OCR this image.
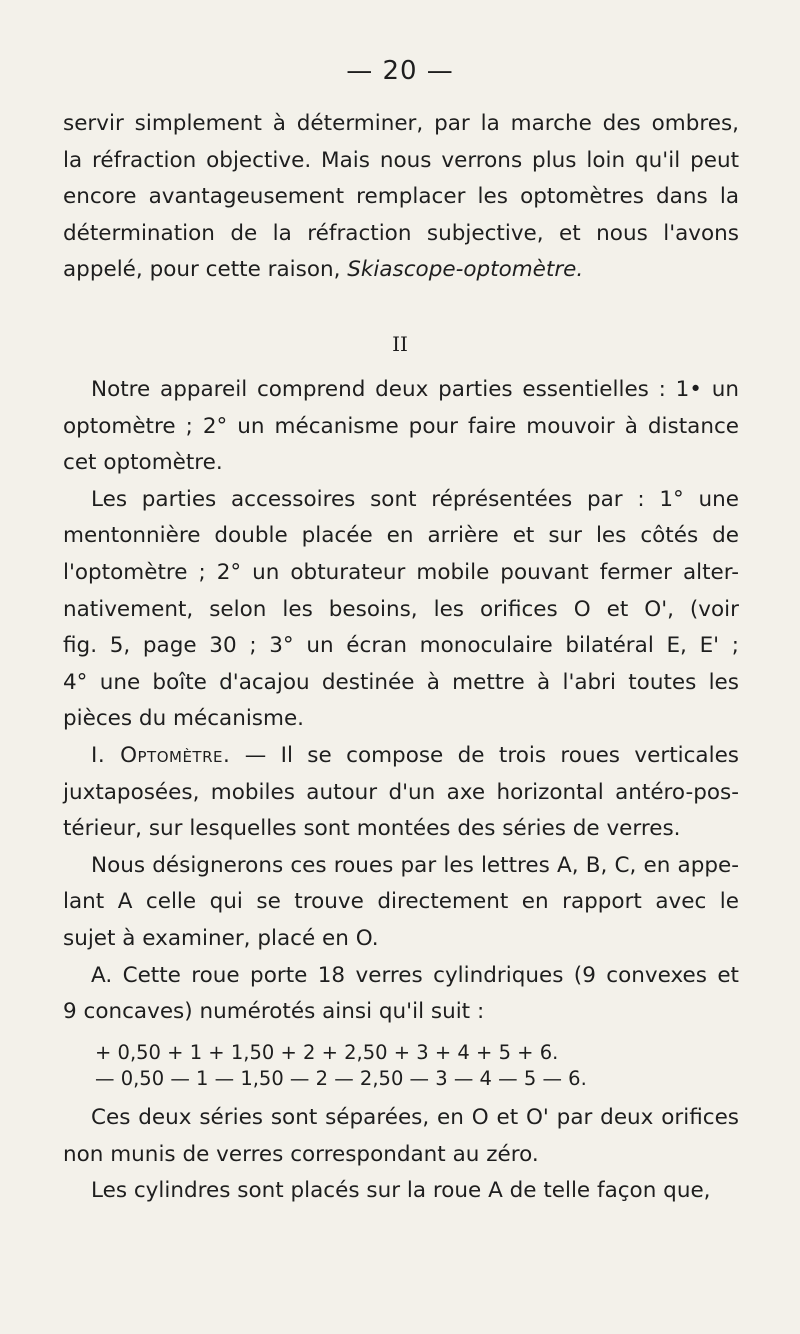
— 20 —
servir simplement à déterminer, par la marche des ombres,
la réfraction objective. Mais nous verrons plus loin qu'il peut
encore avantageusement remplacer les optomètres dans la
détermination de la réfraction subjective, et nous l'avons
appelé, pour cette raison, Skiascope-optomètre.
II
Notre appareil comprend deux parties essentielles : 1• un
optomètre ; 2° un mécanisme pour faire mouvoir à distance
cet optomètre.
Les parties accessoires sont réprésentées par : 1° une
mentonnière double placée en arrière et sur les côtés de
l'optomètre ; 2° un obturateur mobile pouvant fermer alter-
nativement, selon les besoins, les orifices O et O', (voir
fig. 5, page 30 ; 3° un écran monoculaire bilatéral E, E' ;
4° une boîte d'acajou destinée à mettre à l'abri toutes les
pièces du mécanisme.
I. Optomètre. — Il se compose de trois roues verticales
juxtaposées, mobiles autour d'un axe horizontal antéro-pos-
térieur, sur lesquelles sont montées des séries de verres.
Nous désignerons ces roues par les lettres A, B, C, en appe-
lant A celle qui se trouve directement en rapport avec le
sujet à examiner, placé en O.
A. Cette roue porte 18 verres cylindriques (9 convexes et
9 concaves) numérotés ainsi qu'il suit :
+ 0,50 + 1 + 1,50 + 2 + 2,50 + 3 + 4 + 5 + 6.
— 0,50 — 1 — 1,50 — 2 — 2,50 — 3 — 4 — 5 — 6.
Ces deux séries sont séparées, en O et O' par deux orifices
non munis de verres correspondant au zéro.
Les cylindres sont placés sur la roue A de telle façon que,
